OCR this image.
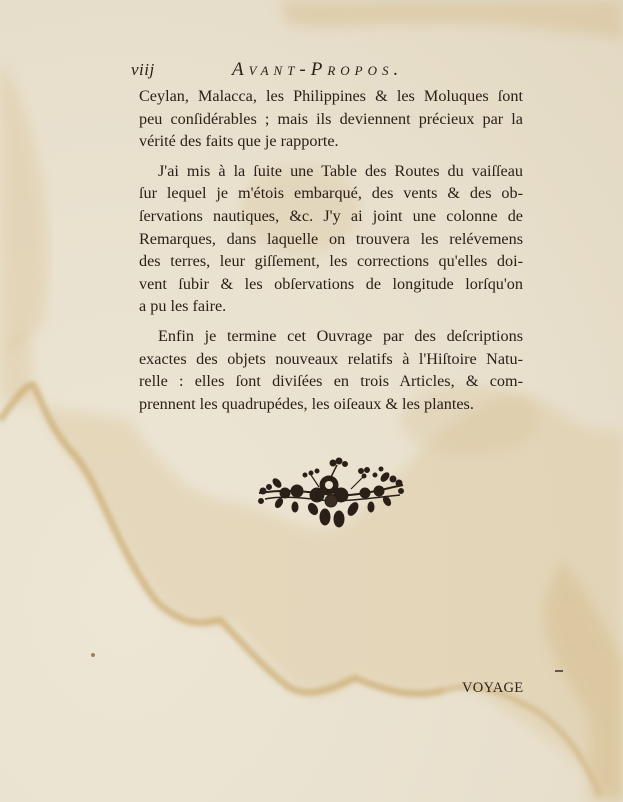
viij	Avant-Propos.
Ceylan, Malacca, les Philippines & les Moluques ſont
peu conſidérables ; mais ils deviennent précieux par la
vérité des faits que je rapporte.
J'ai mis à la ſuite une Table des Routes du vaiſſeau
ſur lequel je m'étois embarqué, des vents & des ob-
ſervations nautiques, &c. J'y ai joint une colonne de
Remarques, dans laquelle on trouvera les relévemens
des terres, leur giſſement, les corrections qu'elles doi-
vent ſubir & les obſervations de longitude lorſqu'on
a pu les faire.
Enfin je termine cet Ouvrage par des deſcriptions
exactes des objets nouveaux relatifs à l'Hiſtoire Natu-
relle : elles ſont diviſées en trois Articles, & com-
prennent les quadrupédes, les oiſeaux & les plantes.
VOYAGE
